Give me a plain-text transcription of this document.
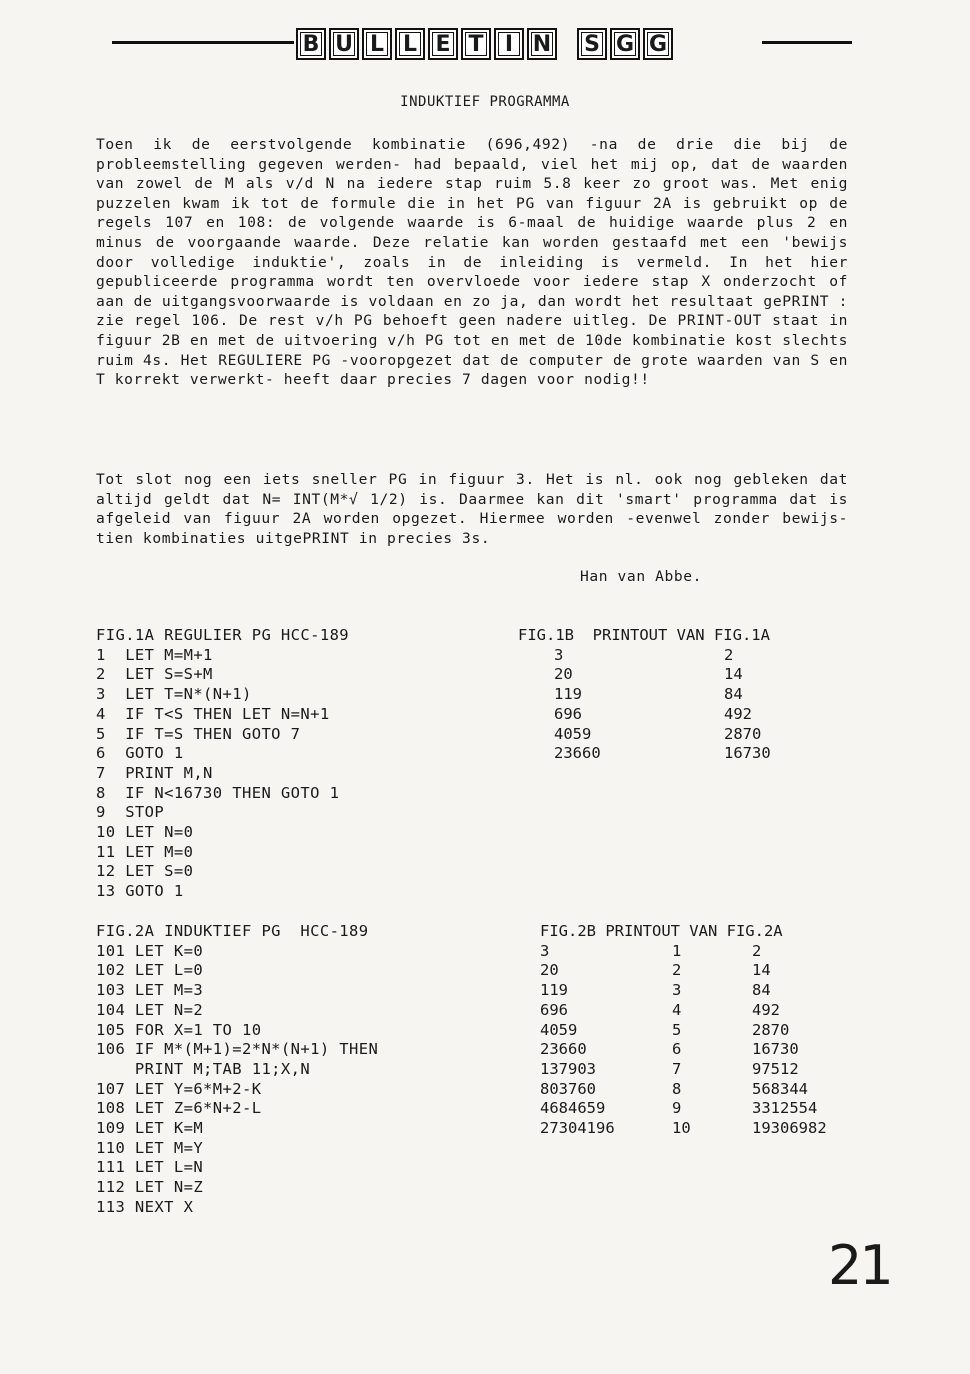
B U L L E T I N	S G G
INDUKTIEF PROGRAMMA
Toen ik de eerstvolgende kombinatie (696,492) -na de drie die bij de probleemstelling gegeven werden- had bepaald, viel het mij op, dat de waarden van zowel de M als v/d N na iedere stap ruim 5.8 keer zo groot was. Met enig puzzelen kwam ik tot de formule die in het PG van figuur 2A is gebruikt op de regels 107 en 108: de volgende waarde is 6-maal de huidige waarde plus 2 en minus de voorgaande waarde. Deze relatie kan worden gestaafd met een 'bewijs door volledige induktie', zoals in de inleiding is vermeld. In het hier gepubliceerde programma wordt ten overvloede voor iedere stap X onderzocht of aan de uitgangsvoorwaarde is voldaan en zo ja, dan wordt het resultaat gePRINT : zie regel 106. De rest v/h PG behoeft geen nadere uitleg. De PRINT-OUT staat in figuur 2B en met de uitvoering v/h PG tot en met de 10de kombinatie kost slechts ruim 4s. Het REGULIERE PG -vooropgezet dat de computer de grote waarden van S en T korrekt verwerkt- heeft daar precies 7 dagen voor nodig!!
Tot slot nog een iets sneller PG in figuur 3. Het is nl. ook nog gebleken dat altijd geldt dat N= INT(M*√ 1/2) is. Daarmee kan dit 'smart' programma dat is afgeleid van figuur 2A worden opgezet. Hiermee worden -evenwel zonder bewijs- tien kombinaties uitgePRINT in precies 3s.
Han van Abbe.
FIG.1A REGULIER PG HCC-189
1  LET M=M+1
2  LET S=S+M
3  LET T=N*(N+1)
4  IF T<S THEN LET N=N+1
5  IF T=S THEN GOTO 7
6  GOTO 1
7  PRINT M,N
8  IF N<16730 THEN GOTO 1
9  STOP
10 LET N=0
11 LET M=0
12 LET S=0
13 GOTO 1
FIG.1B  PRINTOUT VAN FIG.1A
3	2
20	14
119	84
696	492
4059	2870
23660	16730
FIG.2A INDUKTIEF PG  HCC-189
101 LET K=0
102 LET L=0
103 LET M=3
104 LET N=2
105 FOR X=1 TO 10
106 IF M*(M+1)=2*N*(N+1) THEN
PRINT M;TAB 11;X,N
107 LET Y=6*M+2-K
108 LET Z=6*N+2-L
109 LET K=M
110 LET M=Y
111 LET L=N
112 LET N=Z
113 NEXT X
FIG.2B PRINTOUT VAN FIG.2A
3	1	2
20	2	14
119	3	84
696	4	492
4059	5	2870
23660	6	16730
137903	7	97512
803760	8	568344
4684659	9	3312554
27304196	10	19306982
21
